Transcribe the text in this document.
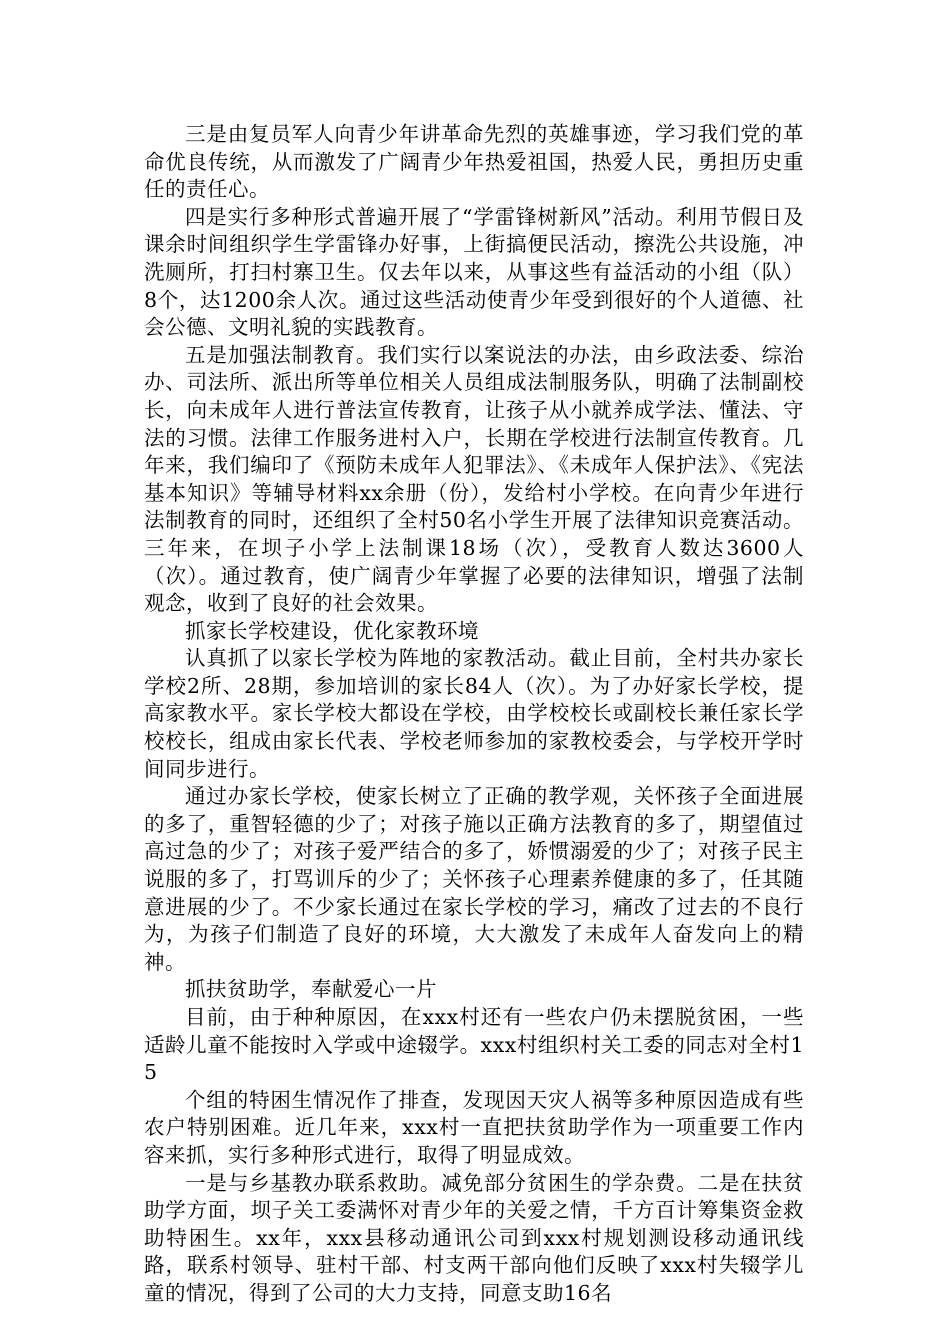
三是由复员军人向青少年讲革命先烈的英雄事迹，学习我们党的革命优良传统，从而激发了广阔青少年热爱祖国，热爱人民，勇担历史重任的责任心。

四是实行多种形式普遍开展了“学雷锋树新风”活动。利用节假日及课余时间组织学生学雷锋办好事，上街搞便民活动，擦洗公共设施，冲洗厕所，打扫村寨卫生。仅去年以来，从事这些有益活动的小组（队）8个，达1200余人次。通过这些活动使青少年受到很好的个人道德、社会公德、文明礼貌的实践教育。

五是加强法制教育。我们实行以案说法的办法，由乡政法委、综治办、司法所、派出所等单位相关人员组成法制服务队，明确了法制副校长，向未成年人进行普法宣传教育，让孩子从小就养成学法、懂法、守法的习惯。法律工作服务进村入户，长期在学校进行法制宣传教育。几年来，我们编印了《预防未成年人犯罪法》、《未成年人保护法》、《宪法基本知识》等辅导材料xx余册（份），发给村小学校。在向青少年进行法制教育的同时，还组织了全村50名小学生开展了法律知识竞赛活动。三年来，在坝子小学上法制课18场（次），受教育人数达3600人（次）。通过教育，使广阔青少年掌握了必要的法律知识，增强了法制观念，收到了良好的社会效果。

抓家长学校建设，优化家教环境

认真抓了以家长学校为阵地的家教活动。截止目前，全村共办家长学校2所、28期，参加培训的家长84人（次）。为了办好家长学校，提高家教水平。家长学校大都设在学校，由学校校长或副校长兼任家长学校校长，组成由家长代表、学校老师参加的家教校委会，与学校开学时间同步进行。

通过办家长学校，使家长树立了正确的教学观，关怀孩子全面进展的多了，重智轻德的少了；对孩子施以正确方法教育的多了，期望值过高过急的少了；对孩子爱严结合的多了，娇惯溺爱的少了；对孩子民主说服的多了，打骂训斥的少了；关怀孩子心理素养健康的多了，任其随意进展的少了。不少家长通过在家长学校的学习，痛改了过去的不良行为，为孩子们制造了良好的环境，大大激发了未成年人奋发向上的精神。

抓扶贫助学，奉献爱心一片

目前，由于种种原因，在xxx村还有一些农户仍未摆脱贫困，一些适龄儿童不能按时入学或中途辍学。xxx村组织村关工委的同志对全村15

个组的特困生情况作了排查，发现因天灾人祸等多种原因造成有些农户特别困难。近几年来，xxx村一直把扶贫助学作为一项重要工作内容来抓，实行多种形式进行，取得了明显成效。

一是与乡基教办联系救助。减免部分贫困生的学杂费。二是在扶贫助学方面，坝子关工委满怀对青少年的关爱之情，千方百计筹集资金救助特困生。xx年，xxx县移动通讯公司到xxx村规划测设移动通讯线路，联系村领导、驻村干部、村支两干部向他们反映了xxx村失辍学儿童的情况，得到了公司的大力支持，同意支助16名
